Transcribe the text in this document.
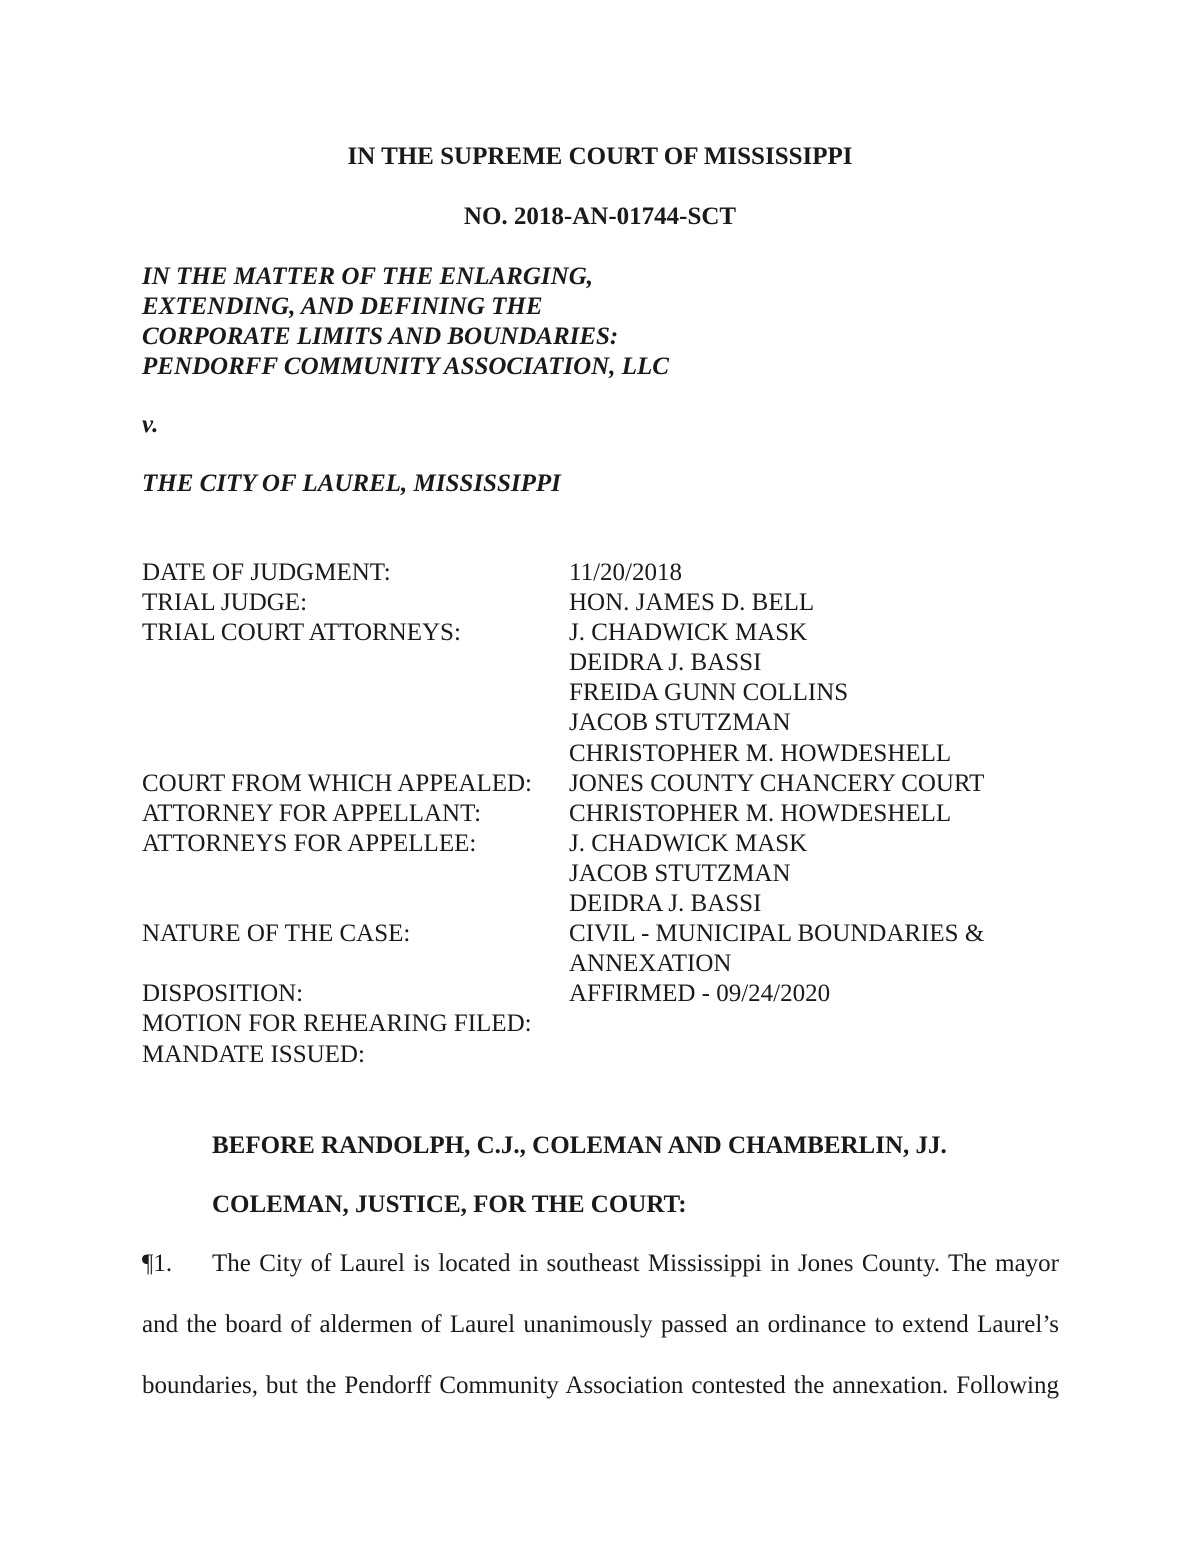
IN THE SUPREME COURT OF MISSISSIPPI
NO. 2018-AN-01744-SCT
IN THE MATTER OF THE ENLARGING,
EXTENDING, AND DEFINING THE
CORPORATE LIMITS AND BOUNDARIES:
PENDORFF COMMUNITY ASSOCIATION, LLC
v.
THE CITY OF LAUREL, MISSISSIPPI
DATE OF JUDGMENT:	11/20/2018
TRIAL JUDGE:	HON. JAMES D. BELL
TRIAL COURT ATTORNEYS:	J. CHADWICK MASK
DEIDRA J. BASSI
FREIDA GUNN COLLINS
JACOB STUTZMAN
CHRISTOPHER M. HOWDESHELL
COURT FROM WHICH APPEALED:	JONES COUNTY CHANCERY COURT
ATTORNEY FOR APPELLANT:	CHRISTOPHER M. HOWDESHELL
ATTORNEYS FOR APPELLEE:	J. CHADWICK MASK
JACOB STUTZMAN
DEIDRA J. BASSI
NATURE OF THE CASE:	CIVIL - MUNICIPAL BOUNDARIES &
ANNEXATION
DISPOSITION:	AFFIRMED - 09/24/2020
MOTION FOR REHEARING FILED:
MANDATE ISSUED:
BEFORE RANDOLPH, C.J., COLEMAN AND CHAMBERLIN, JJ.
COLEMAN, JUSTICE, FOR THE COURT:
¶1. The City of Laurel is located in southeast Mississippi in Jones County. The mayor
and the board of aldermen of Laurel unanimously passed an ordinance to extend Laurel’s
boundaries, but the Pendorff Community Association contested the annexation. Following
